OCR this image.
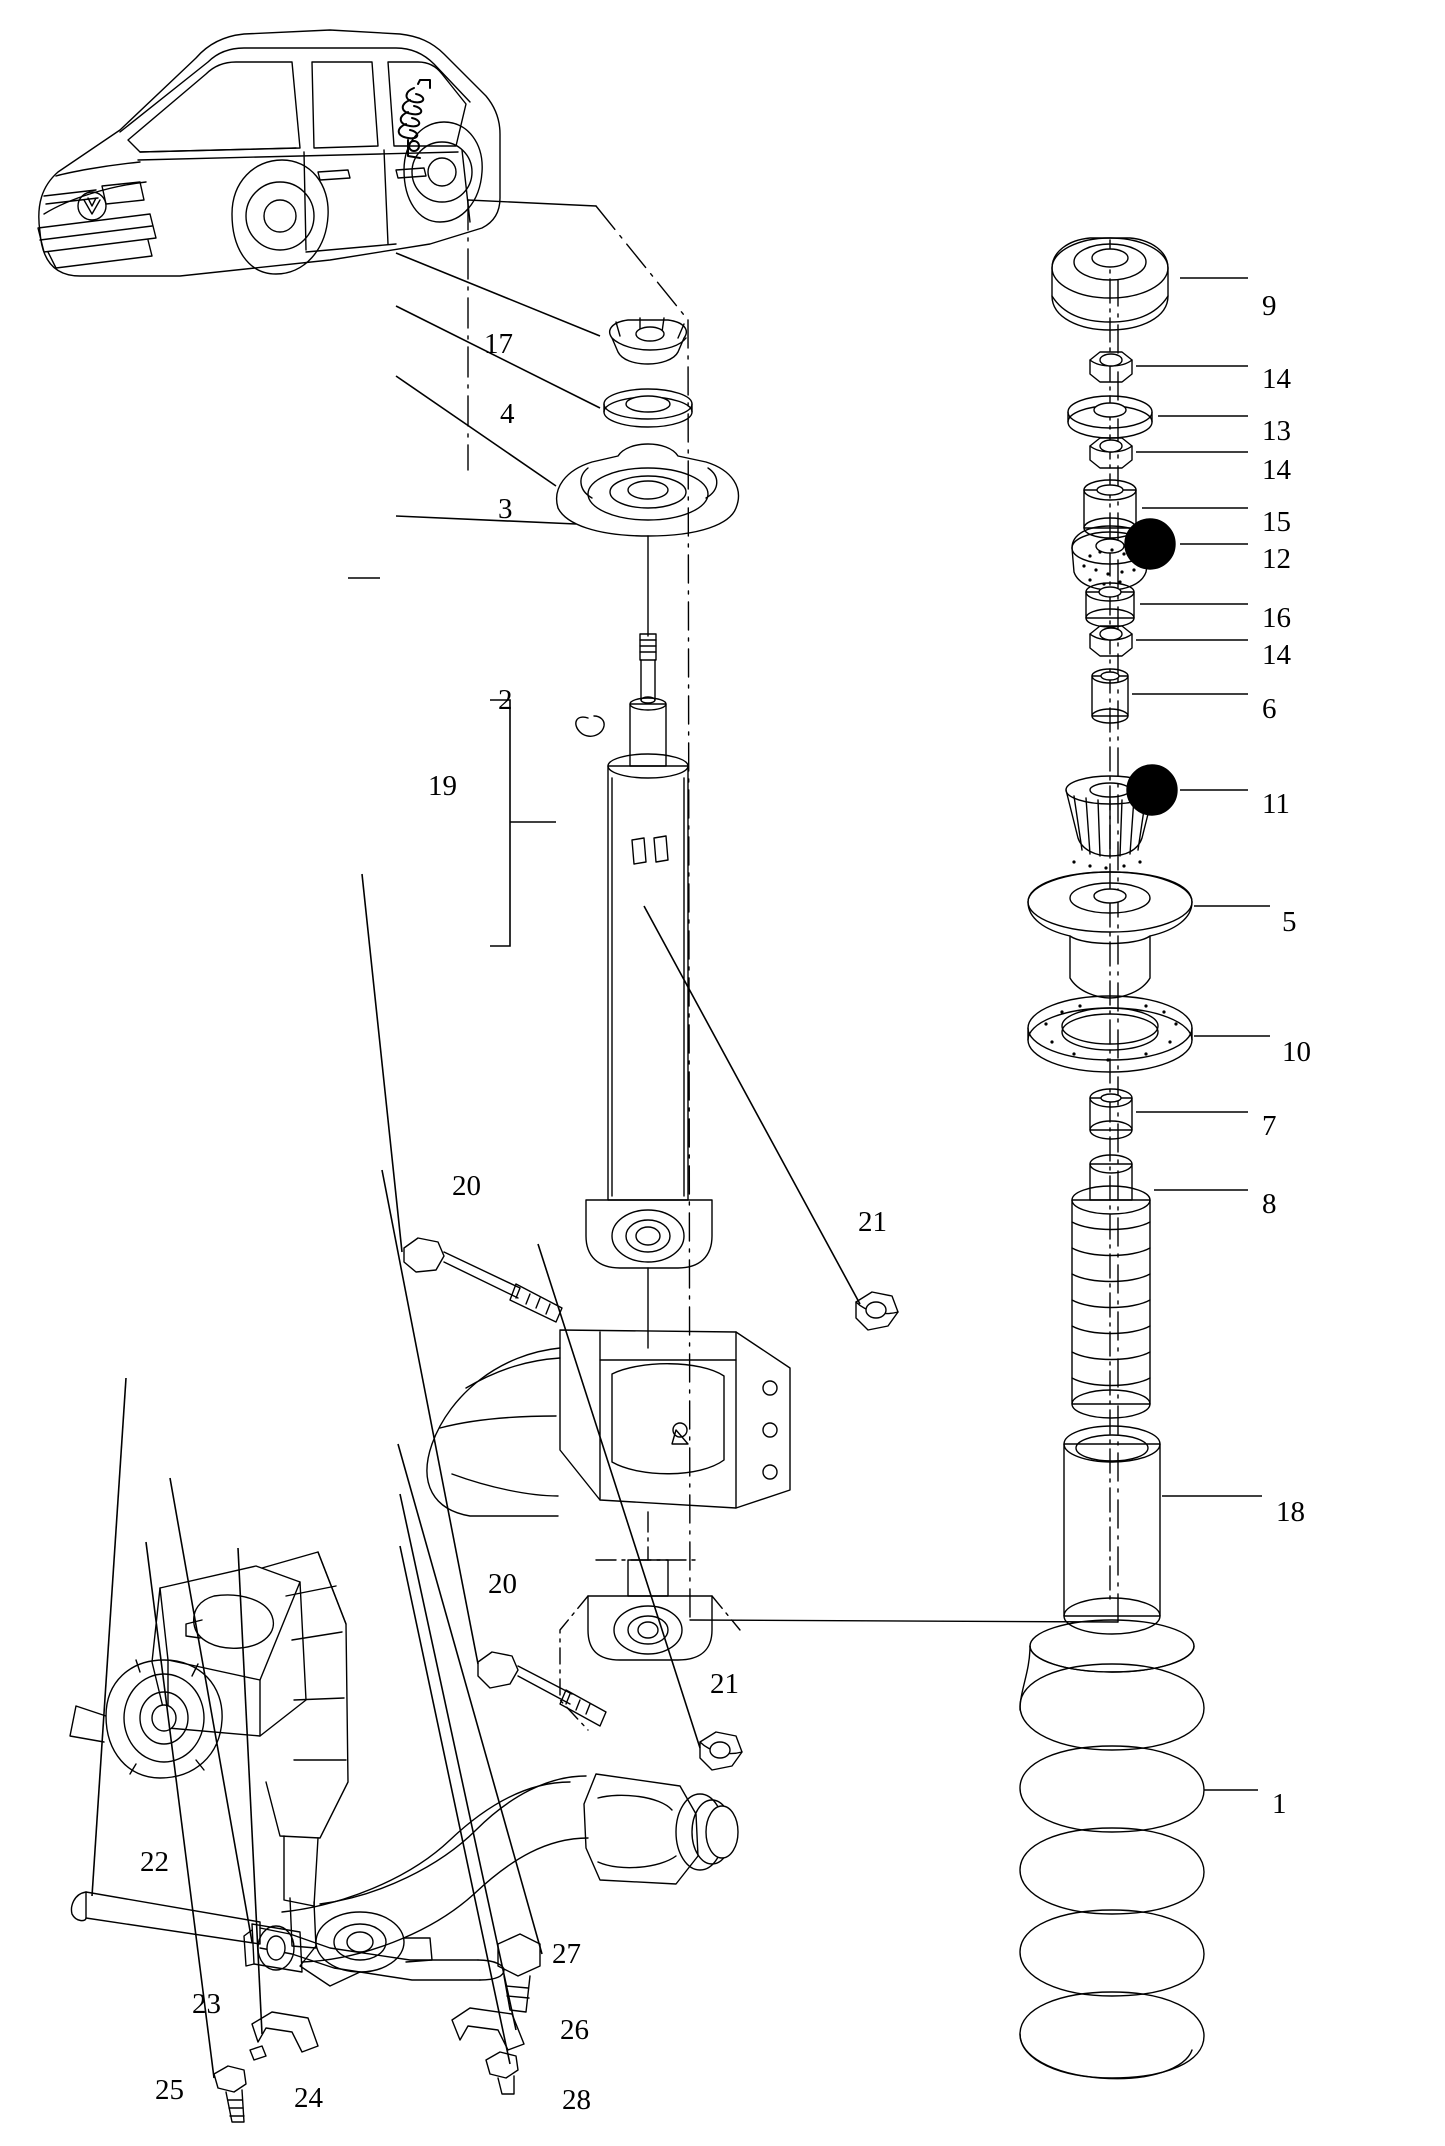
17
4
3
2
19
20
21
20
21
22
23
25	24
27
26
28
9
14
13
14
15
12
16
14
6
11
5
10
7
8
18
1
